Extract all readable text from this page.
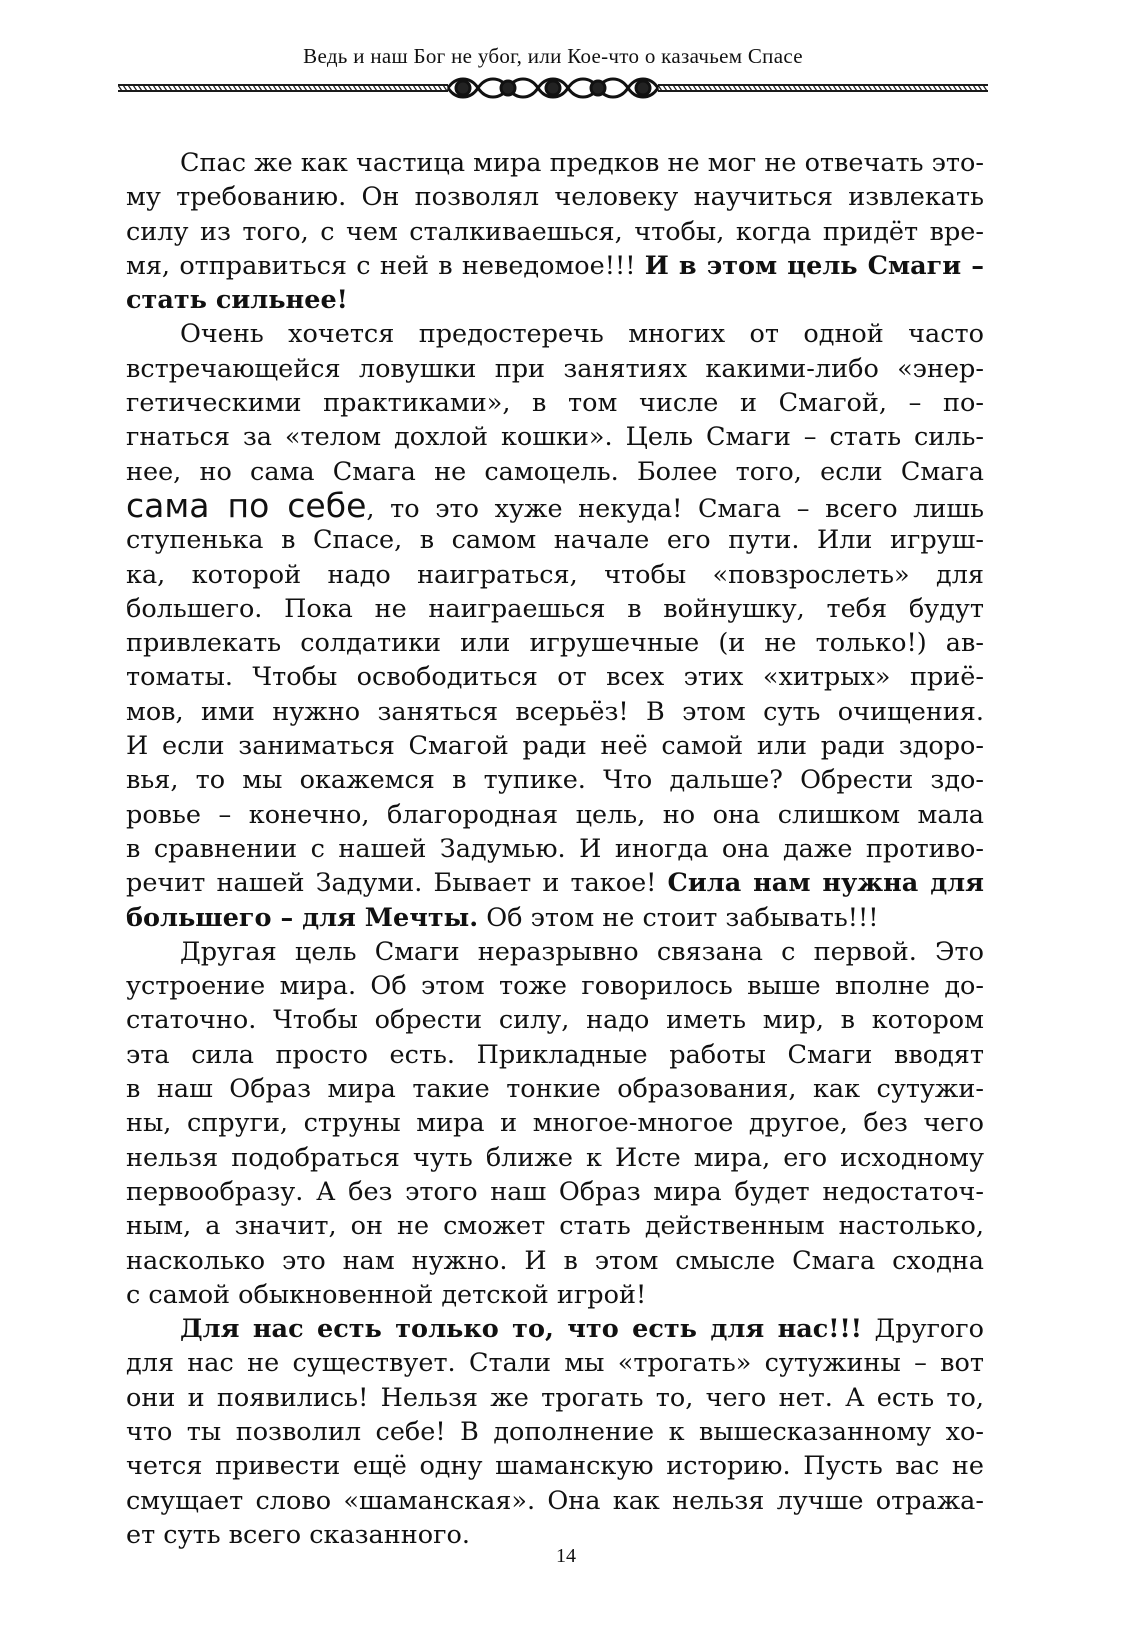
Ведь и наш Бог не убог, или Кое-что о казачьем Спасе
Спас же как частица мира предков не мог не отвечать это-
му требованию. Он позволял человеку научиться извлекать
силу из того, с чем сталкиваешься, чтобы, когда придёт вре-
мя, отправиться с ней в неведомое!!! И в этом цель Смаги –
стать сильнее!
Очень хочется предостеречь многих от одной часто
встречающейся ловушки при занятиях какими-либо «энер-
гетическими практиками», в том числе и Смагой, – по-
гнаться за «телом дохлой кошки». Цель Смаги – стать силь-
нее, но сама Смага не самоцель. Более того, если Смага
сама по себе, то это хуже некуда! Смага – всего лишь
ступенька в Спасе, в самом начале его пути. Или игруш-
ка, которой надо наиграться, чтобы «повзрослеть» для
большего. Пока не наиграешься в войнушку, тебя будут
привлекать солдатики или игрушечные (и не только!) ав-
томаты. Чтобы освободиться от всех этих «хитрых» приё-
мов, ими нужно заняться всерьёз! В этом суть очищения.
И если заниматься Смагой ради неё самой или ради здоро-
вья, то мы окажемся в тупике. Что дальше? Обрести здо-
ровье – конечно, благородная цель, но она слишком мала
в сравнении с нашей Задумью. И иногда она даже противо-
речит нашей Задуми. Бывает и такое! Сила нам нужна для
большего – для Мечты. Об этом не стоит забывать!!!
Другая цель Смаги неразрывно связана с первой. Это
устроение мира. Об этом тоже говорилось выше вполне до-
статочно. Чтобы обрести силу, надо иметь мир, в котором
эта сила просто есть. Прикладные работы Смаги вводят
в наш Образ мира такие тонкие образования, как сутужи-
ны, спруги, струны мира и многое-многое другое, без чего
нельзя подобраться чуть ближе к Исте мира, его исходному
первообразу. А без этого наш Образ мира будет недостаточ-
ным, а значит, он не сможет стать действенным настолько,
насколько это нам нужно. И в этом смысле Смага сходна
с самой обыкновенной детской игрой!
Для нас есть только то, что есть для нас!!! Другого
для нас не существует. Стали мы «трогать» сутужины – вот
они и появились! Нельзя же трогать то, чего нет. А есть то,
что ты позволил себе! В дополнение к вышесказанному хо-
чется привести ещё одну шаманскую историю. Пусть вас не
смущает слово «шаманская». Она как нельзя лучше отража-
ет суть всего сказанного.
14
